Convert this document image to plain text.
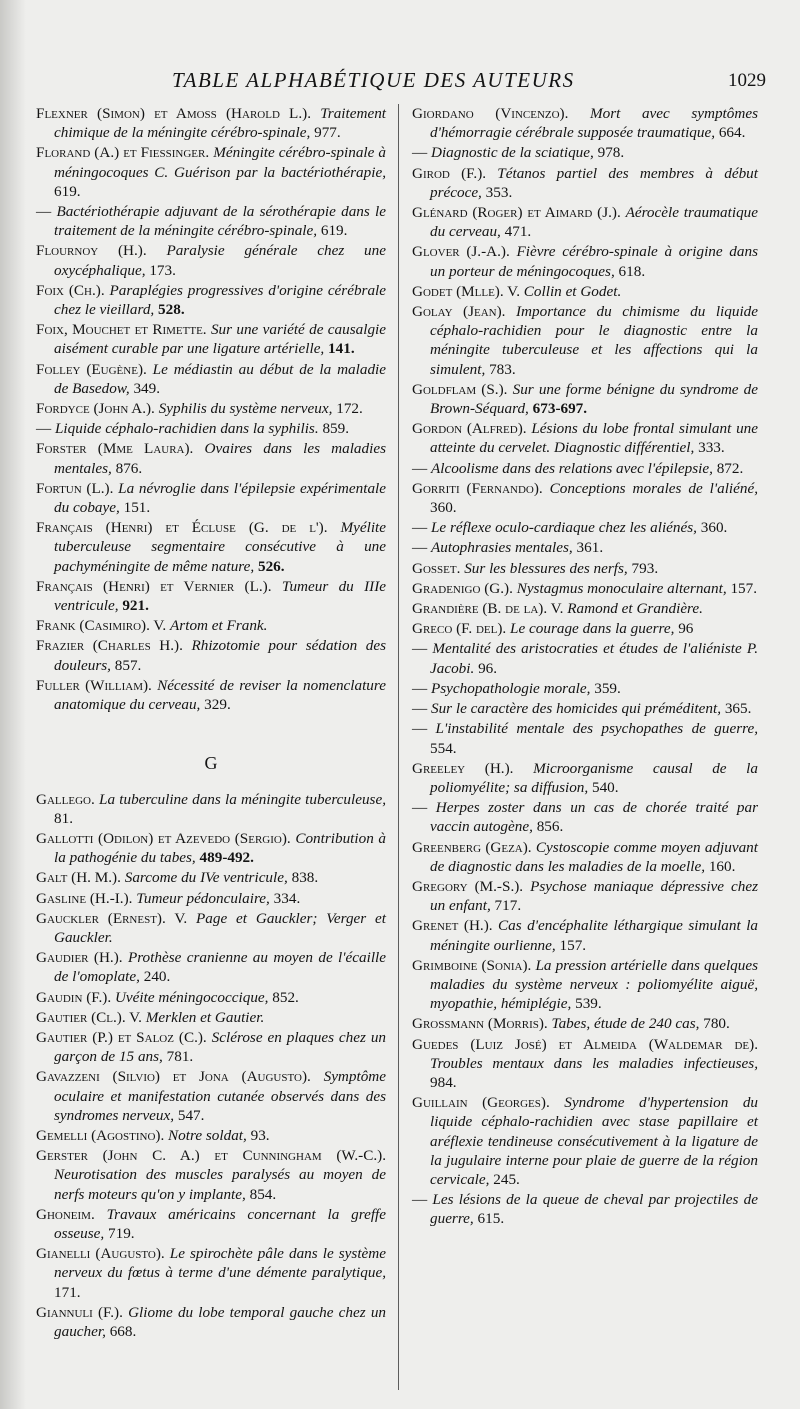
TABLE ALPHABÉTIQUE DES AUTEURS	1029

Flexner (Simon) et Amoss (Harold L.). Traitement chimique de la méningite cérébro-spinale, 977.

Florand (A.) et Fiessinger. Méningite cérébro-spinale à méningocoques C. Guérison par la bactériothérapie, 619.

— Bactériothérapie adjuvant de la sérothérapie dans le traitement de la méningite cérébro-spinale, 619.

Flournoy (H.). Paralysie générale chez une oxycéphalique, 173.

Foix (Ch.). Paraplégies progressives d'origine cérébrale chez le vieillard, 528.

Foix, Mouchet et Rimette. Sur une variété de causalgie aisément curable par une ligature artérielle, 141.

Folley (Eugène). Le médiastin au début de la maladie de Basedow, 349.

Fordyce (John A.). Syphilis du système nerveux, 172.

— Liquide céphalo-rachidien dans la syphilis. 859.

Forster (Mme Laura). Ovaires dans les maladies mentales, 876.

Fortun (L.). La névroglie dans l'épilepsie expérimentale du cobaye, 151.

Français (Henri) et Écluse (G. de l'). Myélite tuberculeuse segmentaire consécutive à une pachyméningite de même nature, 526.

Français (Henri) et Vernier (L.). Tumeur du IIIe ventricule, 921.

Frank (Casimiro). V. Artom et Frank.

Frazier (Charles H.). Rhizotomie pour sédation des douleurs, 857.

Fuller (William). Nécessité de reviser la nomenclature anatomique du cerveau, 329.

G

Gallego. La tuberculine dans la méningite tuberculeuse, 81.

Gallotti (Odilon) et Azevedo (Sergio). Contribution à la pathogénie du tabes, 489-492.

Galt (H. M.). Sarcome du IVe ventricule, 838.

Gasline (H.-I.). Tumeur pédonculaire, 334.

Gauckler (Ernest). V. Page et Gauckler; Verger et Gauckler.

Gaudier (H.). Prothèse cranienne au moyen de l'écaille de l'omoplate, 240.

Gaudin (F.). Uvéite méningococcique, 852.

Gautier (Cl.). V. Merklen et Gautier.

Gautier (P.) et Saloz (C.). Sclérose en plaques chez un garçon de 15 ans, 781.

Gavazzeni (Silvio) et Jona (Augusto). Symptôme oculaire et manifestation cutanée observés dans des syndromes nerveux, 547.

Gemelli (Agostino). Notre soldat, 93.

Gerster (John C. A.) et Cunningham (W.-C.). Neurotisation des muscles paralysés au moyen de nerfs moteurs qu'on y implante, 854.

Ghoneim. Travaux américains concernant la greffe osseuse, 719.

Gianelli (Augusto). Le spirochète pâle dans le système nerveux du fœtus à terme d'une démente paralytique, 171.

Giannuli (F.). Gliome du lobe temporal gauche chez un gaucher, 668.

Giordano (Vincenzo). Mort avec symptômes d'hémorragie cérébrale supposée traumatique, 664.

— Diagnostic de la sciatique, 978.

Girod (F.). Tétanos partiel des membres à début précoce, 353.

Glénard (Roger) et Aimard (J.). Aérocèle traumatique du cerveau, 471.

Glover (J.-A.). Fièvre cérébro-spinale à origine dans un porteur de méningocoques, 618.

Godet (Mlle). V. Collin et Godet.

Golay (Jean). Importance du chimisme du liquide céphalo-rachidien pour le diagnostic entre la méningite tuberculeuse et les affections qui la simulent, 783.

Goldflam (S.). Sur une forme bénigne du syndrome de Brown-Séquard, 673-697.

Gordon (Alfred). Lésions du lobe frontal simulant une atteinte du cervelet. Diagnostic différentiel, 333.

— Alcoolisme dans des relations avec l'épilepsie, 872.

Gorriti (Fernando). Conceptions morales de l'aliéné, 360.

— Le réflexe oculo-cardiaque chez les aliénés, 360.

— Autophrasies mentales, 361.

Gosset. Sur les blessures des nerfs, 793.

Gradenigo (G.). Nystagmus monoculaire alternant, 157.

Grandière (B. de la). V. Ramond et Grandière.

Greco (F. del). Le courage dans la guerre, 96

— Mentalité des aristocraties et études de l'aliéniste P. Jacobi. 96.

— Psychopathologie morale, 359.

— Sur le caractère des homicides qui préméditent, 365.

— L'instabilité mentale des psychopathes de guerre, 554.

Greeley (H.). Microorganisme causal de la poliomyélite; sa diffusion, 540.

— Herpes zoster dans un cas de chorée traité par vaccin autogène, 856.

Greenberg (Geza). Cystoscopie comme moyen adjuvant de diagnostic dans les maladies de la moelle, 160.

Gregory (M.-S.). Psychose maniaque dépressive chez un enfant, 717.

Grenet (H.). Cas d'encéphalite léthargique simulant la méningite ourlienne, 157.

Grimboine (Sonia). La pression artérielle dans quelques maladies du système nerveux : poliomyélite aiguë, myopathie, hémiplégie, 539.

Grossmann (Morris). Tabes, étude de 240 cas, 780.

Guedes (Luiz José) et Almeida (Waldemar de). Troubles mentaux dans les maladies infectieuses, 984.

Guillain (Georges). Syndrome d'hypertension du liquide céphalo-rachidien avec stase papillaire et aréflexie tendineuse consécutivement à la ligature de la jugulaire interne pour plaie de guerre de la région cervicale, 245.

— Les lésions de la queue de cheval par projectiles de guerre, 615.
